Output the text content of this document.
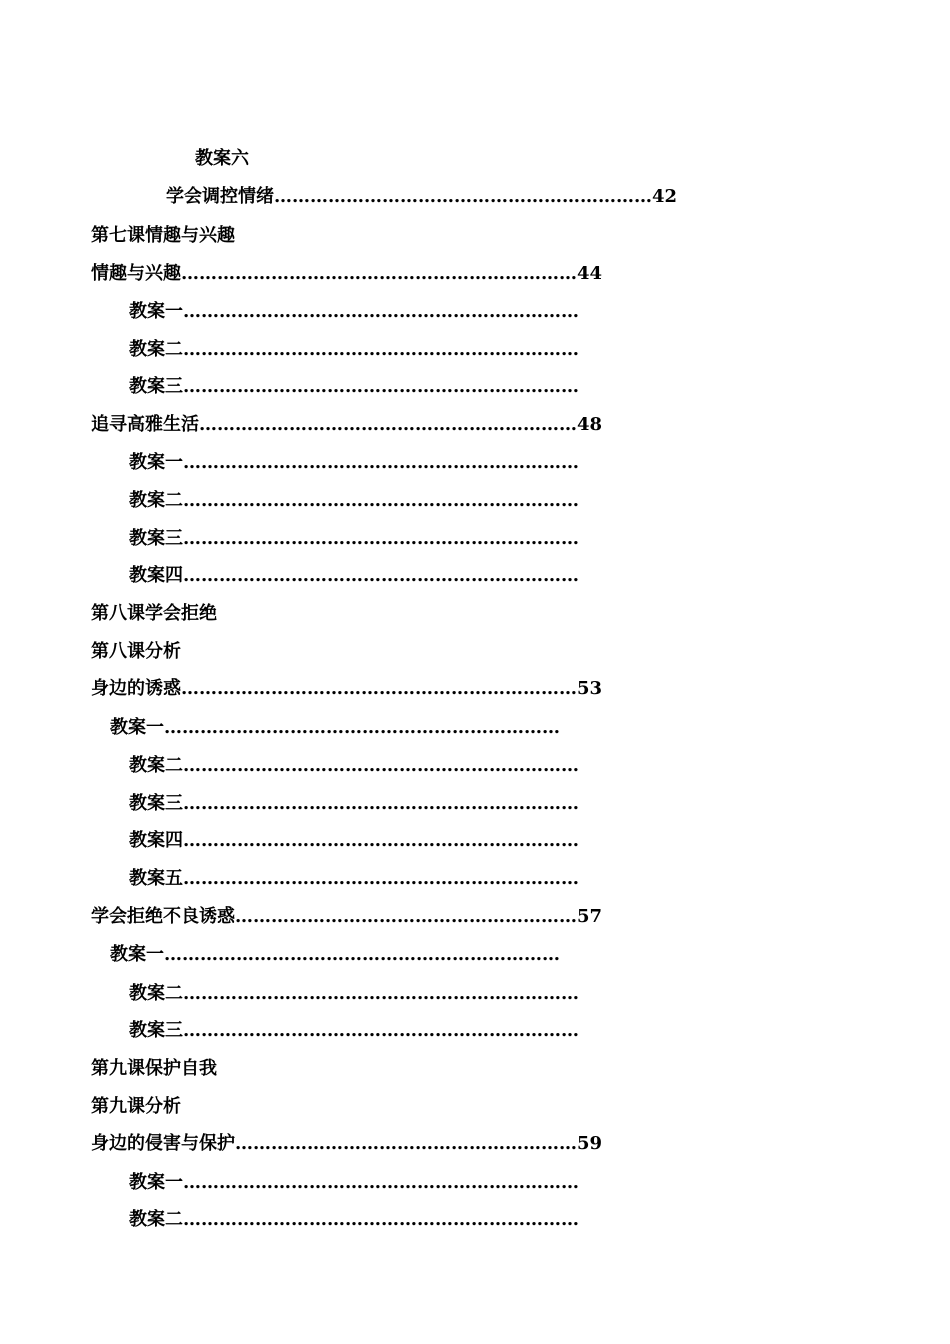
教案六
学会调控情绪………………………………………………………42
第七课情趣与兴趣
情趣与兴趣…………………………………………………………44
教案一…………………………………………………………
教案二…………………………………………………………
教案三…………………………………………………………
追寻高雅生活………………………………………………………48
教案一…………………………………………………………
教案二…………………………………………………………
教案三…………………………………………………………
教案四…………………………………………………………
第八课学会拒绝
第八课分析
身边的诱惑…………………………………………………………53
教案一…………………………………………………………
教案二…………………………………………………………
教案三…………………………………………………………
教案四…………………………………………………………
教案五…………………………………………………………
学会拒绝不良诱惑…………………………………………………57
教案一…………………………………………………………
教案二…………………………………………………………
教案三…………………………………………………………
第九课保护自我
第九课分析
身边的侵害与保护…………………………………………………59
教案一…………………………………………………………
教案二…………………………………………………………
